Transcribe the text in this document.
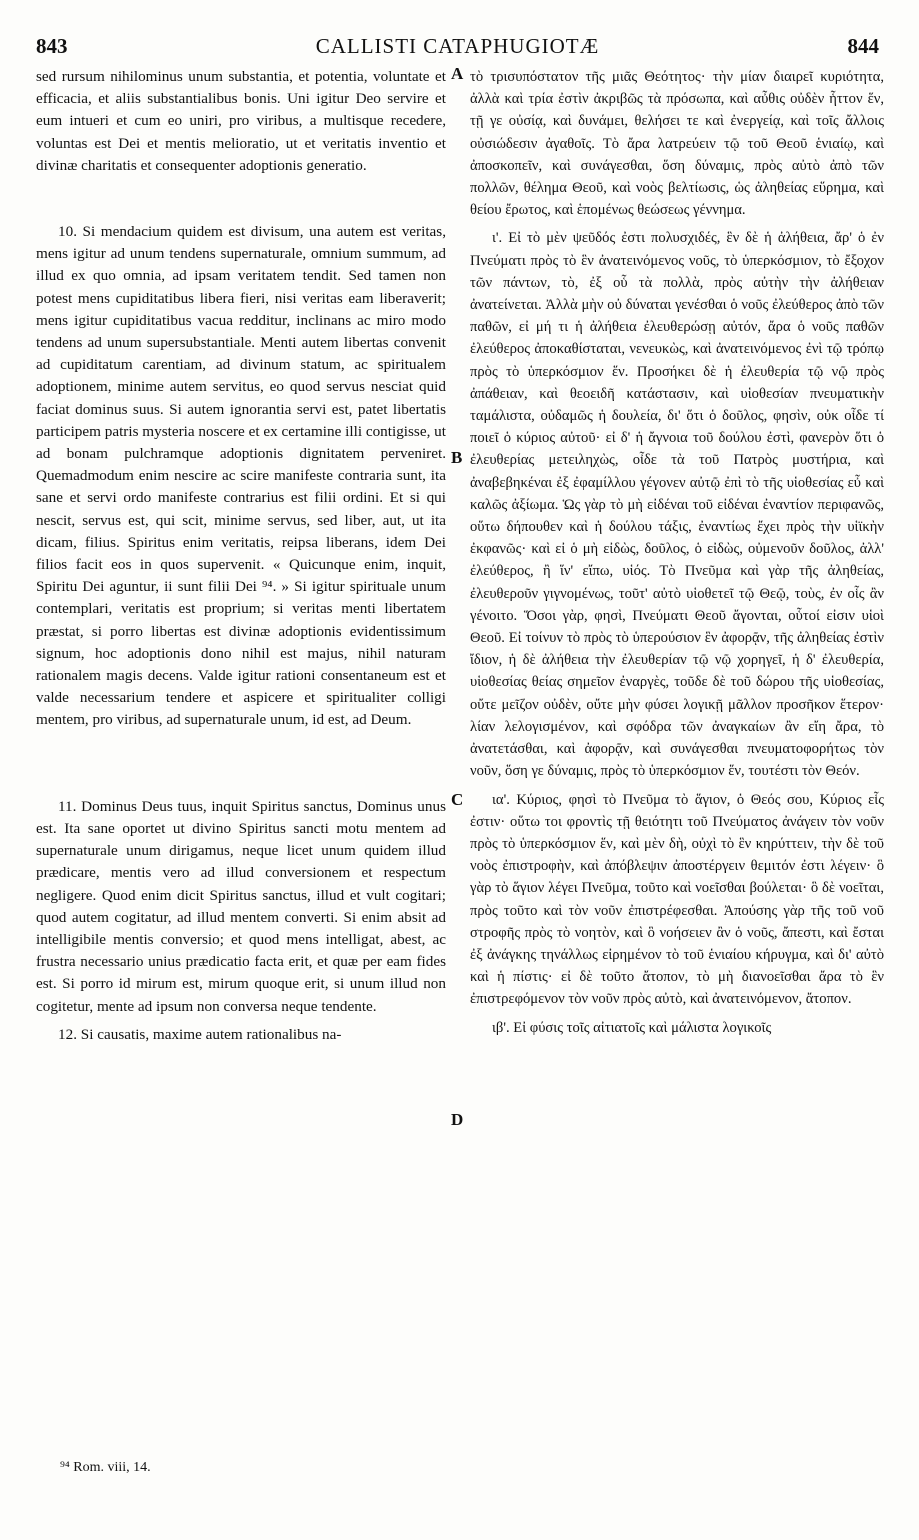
843	CALLISTI CATAPHUGIOTÆ	844

sed rursum nihilominus unum substantia, et potentia, voluntate et efficacia, et aliis substantialibus bonis. Uni igitur Deo servire et eum intueri et cum eo uniri, pro viribus, a multisque recedere, voluntas est Dei et mentis melioratio, ut et veritatis inventio et divinæ charitatis et consequenter adoptionis generatio.

10. Si mendacium quidem est divisum, una autem est veritas, mens igitur ad unum tendens supernaturale, omnium summum, ad illud ex quo omnia, ad ipsam veritatem tendit. Sed tamen non potest mens cupiditatibus libera fieri, nisi veritas eam liberaverit; mens igitur cupiditatibus vacua redditur, inclinans ac miro modo tendens ad unum supersubstantiale. Menti autem libertas convenit ad cupiditatum carentiam, ad divinum statum, ac spiritualem adoptionem, minime autem servitus, eo quod servus nesciat quid faciat dominus suus. Si autem ignorantia servi est, patet libertatis participem patris mysteria noscere et ex certamine illi contigisse, ut ad bonam pulchramque adoptionis dignitatem perveniret. Quemadmodum enim nescire ac scire manifeste contraria sunt, ita sane et servi ordo manifeste contrarius est filii ordini. Et si qui nescit, servus est, qui scit, minime servus, sed liber, aut, ut ita dicam, filius. Spiritus enim veritatis, reipsa liberans, idem Dei filios facit eos in quos supervenit. « Quicunque enim, inquit, Spiritu Dei aguntur, ii sunt filii Dei ⁹⁴. » Si igitur spirituale unum contemplari, veritatis est proprium; si veritas menti libertatem præstat, si porro libertas est divinæ adoptionis evidentissimum signum, hoc adoptionis dono nihil est majus, nihil naturam rationalem magis decens. Valde igitur rationi consentaneum est et valde necessarium tendere et aspicere et spiritualiter colligi mentem, pro viribus, ad supernaturale unum, id est, ad Deum.

11. Dominus Deus tuus, inquit Spiritus sanctus, Dominus unus est. Ita sane oportet ut divino Spiritus sancti motu mentem ad supernaturale unum dirigamus, neque licet unum quidem illud prædicare, mentis vero ad illud conversionem et respectum negligere. Quod enim dicit Spiritus sanctus, illud et vult cogitari; quod autem cogitatur, ad illud mentem converti. Si enim absit ad intelligibile mentis conversio; et quod mens intelligat, abest, ac frustra necessario unius prædicatio facta erit, et quæ per eam fides est. Si porro id mirum est, mirum quoque erit, si unum illud non cogitetur, mente ad ipsum non conversa neque tendente.

12. Si causatis, maxime autem rationalibus na-

A
B
C
D

τὸ τρισυπόστατον τῆς μιᾶς Θεότητος· τὴν μίαν διαιρεῖ κυριότητα, ἀλλὰ καὶ τρία ἐστὶν ἀκριβῶς τὰ πρόσωπα, καὶ αὖθις οὐδὲν ἧττον ἕν, τῇ γε οὐσίᾳ, καὶ δυνάμει, θελήσει τε καὶ ἐνεργείᾳ, καὶ τοῖς ἄλλοις οὐσιώδεσιν ἀγαθοῖς. Τὸ ἄρα λατρεύειν τῷ τοῦ Θεοῦ ἑνιαίῳ, καὶ ἀποσκοπεῖν, καὶ συνάγεσθαι, ὅση δύναμις, πρὸς αὐτὸ ἀπὸ τῶν πολλῶν, θέλημα Θεοῦ, καὶ νοὸς βελτίωσις, ὡς ἀληθείας εὕρημα, καὶ θείου ἔρωτος, καὶ ἑπομένως θεώσεως γέννημα.

ι'. Εἰ τὸ μὲν ψεῦδός ἐστι πολυσχιδές, ἓν δὲ ἡ ἀλήθεια, ἄρ' ὁ ἐν Πνεύματι πρὸς τὸ ἓν ἀνατεινόμενος νοῦς, τὸ ὑπερκόσμιον, τὸ ἔξοχον τῶν πάντων, τὸ, ἐξ οὗ τὰ πολλὰ, πρὸς αὐτὴν τὴν ἀλήθειαν ἀνατείνεται. Ἀλλὰ μὴν οὐ δύναται γενέσθαι ὁ νοῦς ἐλεύθερος ἀπὸ τῶν παθῶν, εἰ μή τι ἡ ἀλήθεια ἐλευθερώσῃ αὐτόν, ἄρα ὁ νοῦς παθῶν ἐλεύθερος ἀποκαθίσταται, νενευκὼς, καὶ ἀνατεινόμενος ἐνὶ τῷ τρόπῳ πρὸς τὸ ὑπερκόσμιον ἕν. Προσήκει δὲ ἡ ἐλευθερία τῷ νῷ πρὸς ἀπάθειαν, καὶ θεοειδῆ κατάστασιν, καὶ υἱοθεσίαν πνευματικὴν ταμάλιστα, οὐδαμῶς ἡ δουλεία, δι' ὅτι ὁ δοῦλος, φησὶν, οὐκ οἶδε τί ποιεῖ ὁ κύριος αὐτοῦ· εἰ δ' ἡ ἄγνοια τοῦ δούλου ἐστὶ, φανερὸν ὅτι ὁ ἐλευθερίας μετειληχὼς, οἶδε τὰ τοῦ Πατρὸς μυστήρια, καὶ ἀναβεβηκέναι ἐξ ἐφαμίλλου γέγονεν αὐτῷ ἐπὶ τὸ τῆς υἱοθεσίας εὖ καὶ καλῶς ἀξίωμα. Ὡς γὰρ τὸ μὴ εἰδέναι τοῦ εἰδέναι ἐναντίον περιφανῶς, οὕτω δήπουθεν καὶ ἡ δούλου τάξις, ἐναντίως ἔχει πρὸς τὴν υἱϊκὴν ἐκφανῶς· καὶ εἰ ὁ μὴ εἰδὼς, δοῦλος, ὁ εἰδὼς, οὐμενοῦν δοῦλος, ἀλλ' ἐλεύθερος, ἢ ἵν' εἴπω, υἱός. Τὸ Πνεῦμα καὶ γὰρ τῆς ἀληθείας, ἐλευθεροῦν γιγνομένως, τοῦτ' αὐτὸ υἱοθετεῖ τῷ Θεῷ, τοὺς, ἐν οἷς ἂν γένοιτο. Ὅσοι γὰρ, φησὶ, Πνεύματι Θεοῦ ἄγονται, οὗτοί εἰσιν υἱοὶ Θεοῦ. Εἰ τοίνυν τὸ πρὸς τὸ ὑπερούσιον ἓν ἀφορᾷν, τῆς ἀληθείας ἐστὶν ἴδιον, ἡ δὲ ἀλήθεια τὴν ἐλευθερίαν τῷ νῷ χορηγεῖ, ἡ δ' ἐλευθερία, υἱοθεσίας θείας σημεῖον ἐναργὲς, τοῦδε δὲ τοῦ δώρου τῆς υἱοθεσίας, οὔτε μεῖζον οὐδὲν, οὔτε μὴν φύσει λογικῇ μᾶλλον προσῆκον ἕτερον· λίαν λελογισμένον, καὶ σφόδρα τῶν ἀναγκαίων ἂν εἴη ἄρα, τὸ ἀνατετάσθαι, καὶ ἀφορᾷν, καὶ συνάγεσθαι πνευματοφορήτως τὸν νοῦν, ὅση γε δύναμις, πρὸς τὸ ὑπερκόσμιον ἕν, τουτέστι τὸν Θεόν.

ια'. Κύριος, φησὶ τὸ Πνεῦμα τὸ ἅγιον, ὁ Θεός σου, Κύριος εἷς ἐστιν· οὕτω τοι φροντὶς τῇ θειότητι τοῦ Πνεύματος ἀνάγειν τὸν νοῦν πρὸς τὸ ὑπερκόσμιον ἕν, καὶ μὲν δὴ, οὐχὶ τὸ ἓν κηρύττειν, τὴν δὲ τοῦ νοὸς ἐπιστροφὴν, καὶ ἀπόβλεψιν ἀποστέργειν θεμιτόν ἐστι λέγειν· ὃ γὰρ τὸ ἅγιον λέγει Πνεῦμα, τοῦτο καὶ νοεῖσθαι βούλεται· ὃ δὲ νοεῖται, πρὸς τοῦτο καὶ τὸν νοῦν ἐπιστρέφεσθαι. Ἀπούσης γὰρ τῆς τοῦ νοῦ στροφῆς πρὸς τὸ νοητὸν, καὶ ὃ νοήσειεν ἂν ὁ νοῦς, ἄπεστι, καὶ ἔσται ἐξ ἀνάγκης τηνάλλως εἰρημένον τὸ τοῦ ἑνιαίου κήρυγμα, καὶ δι' αὐτὸ καὶ ἡ πίστις· εἰ δὲ τοῦτο ἄτοπον, τὸ μὴ διανοεῖσθαι ἄρα τὸ ἓν ἐπιστρεφόμενον τὸν νοῦν πρὸς αὐτὸ, καὶ ἀνατεινόμενον, ἄτοπον.

ιβ'. Εἰ φύσις τοῖς αἰτιατοῖς καὶ μάλιστα λογικοῖς

⁹⁴ Rom. viii, 14.
